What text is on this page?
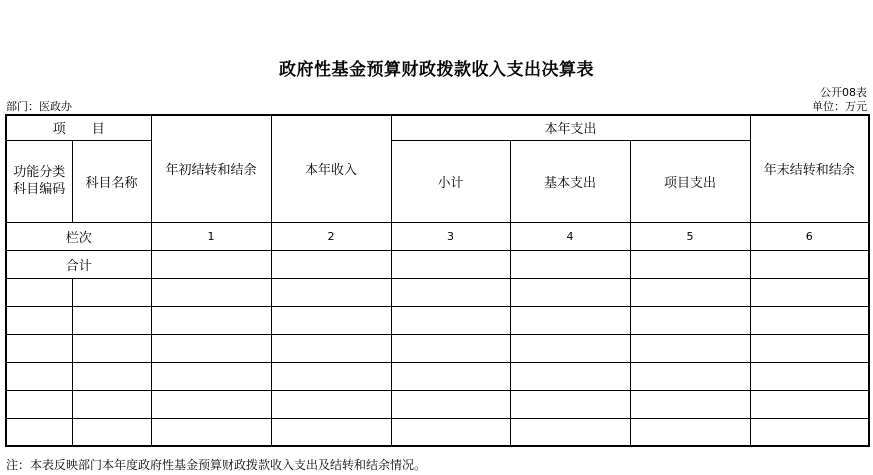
政府性基金预算财政拨款收入支出决算表
公开08表
部门：医政办	单位：万元
项　　目		年初结转和结余	本年收入	本年支出			年末结转和结余
功能分类科目编码	科目名称			小计	基本支出	项目支出	
栏次		1	2	3	4	5	6
合计							

注：本表反映部门本年度政府性基金预算财政拨款收入支出及结转和结余情况。
